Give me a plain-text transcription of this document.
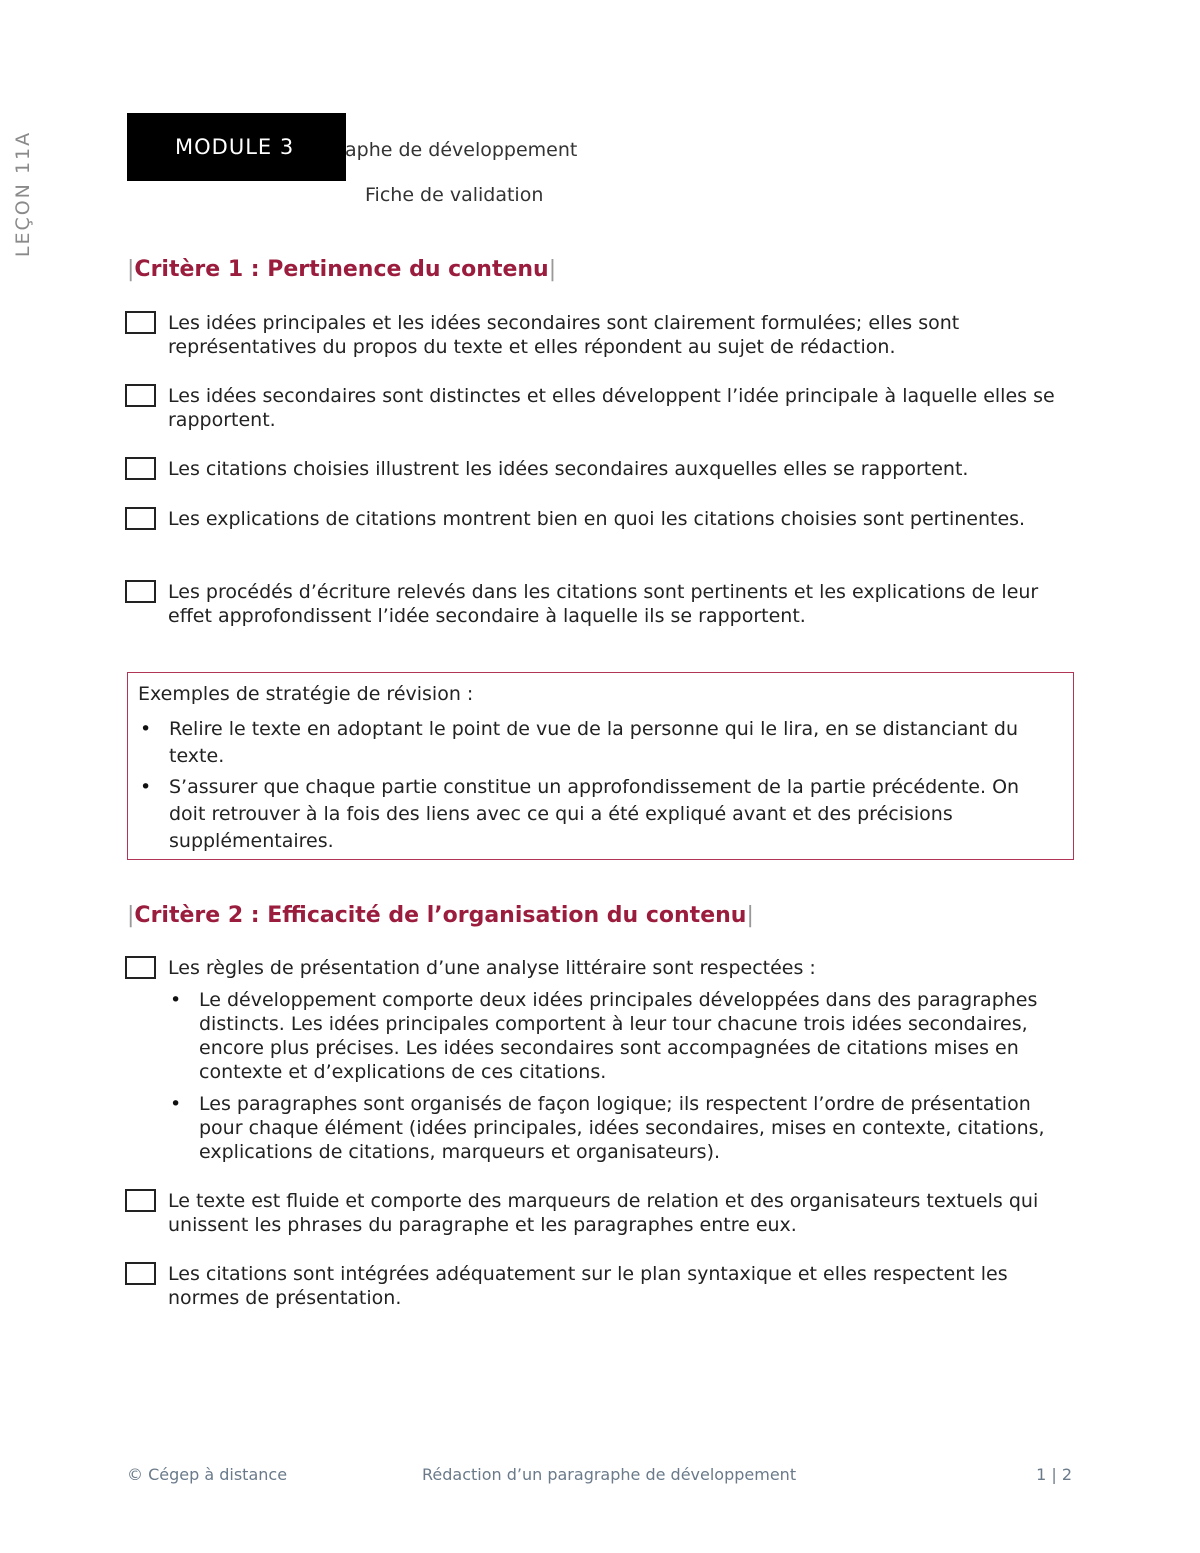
LEÇON 11A	MODULE 3	aphe de développement
Fiche de validation
|Critère 1 : Pertinence du contenu|
Les idées principales et les idées secondaires sont clairement formulées; elles sont représentatives du propos du texte et elles répondent au sujet de rédaction.
Les idées secondaires sont distinctes et elles développent l’idée principale à laquelle elles se rapportent.
Les citations choisies illustrent les idées secondaires auxquelles elles se rapportent.
Les explications de citations montrent bien en quoi les citations choisies sont pertinentes.
Les procédés d’écriture relevés dans les citations sont pertinents et les explications de leur effet approfondissent l’idée secondaire à laquelle ils se rapportent.
Exemples de stratégie de révision :
• Relire le texte en adoptant le point de vue de la personne qui le lira, en se distanciant du texte.
• S’assurer que chaque partie constitue un approfondissement de la partie précédente. On doit retrouver à la fois des liens avec ce qui a été expliqué avant et des précisions supplémentaires.
|Critère 2 : Efficacité de l’organisation du contenu|
Les règles de présentation d’une analyse littéraire sont respectées :
• Le développement comporte deux idées principales développées dans des paragraphes distincts. Les idées principales comportent à leur tour chacune trois idées secondaires, encore plus précises. Les idées secondaires sont accompagnées de citations mises en contexte et d’explications de ces citations.
• Les paragraphes sont organisés de façon logique; ils respectent l’ordre de présentation pour chaque élément (idées principales, idées secondaires, mises en contexte, citations, explications de citations, marqueurs et organisateurs).
Le texte est fluide et comporte des marqueurs de relation et des organisateurs textuels qui unissent les phrases du paragraphe et les paragraphes entre eux.
Les citations sont intégrées adéquatement sur le plan syntaxique et elles respectent les normes de présentation.
© Cégep à distance	Rédaction d’un paragraphe de développement	1 | 2
